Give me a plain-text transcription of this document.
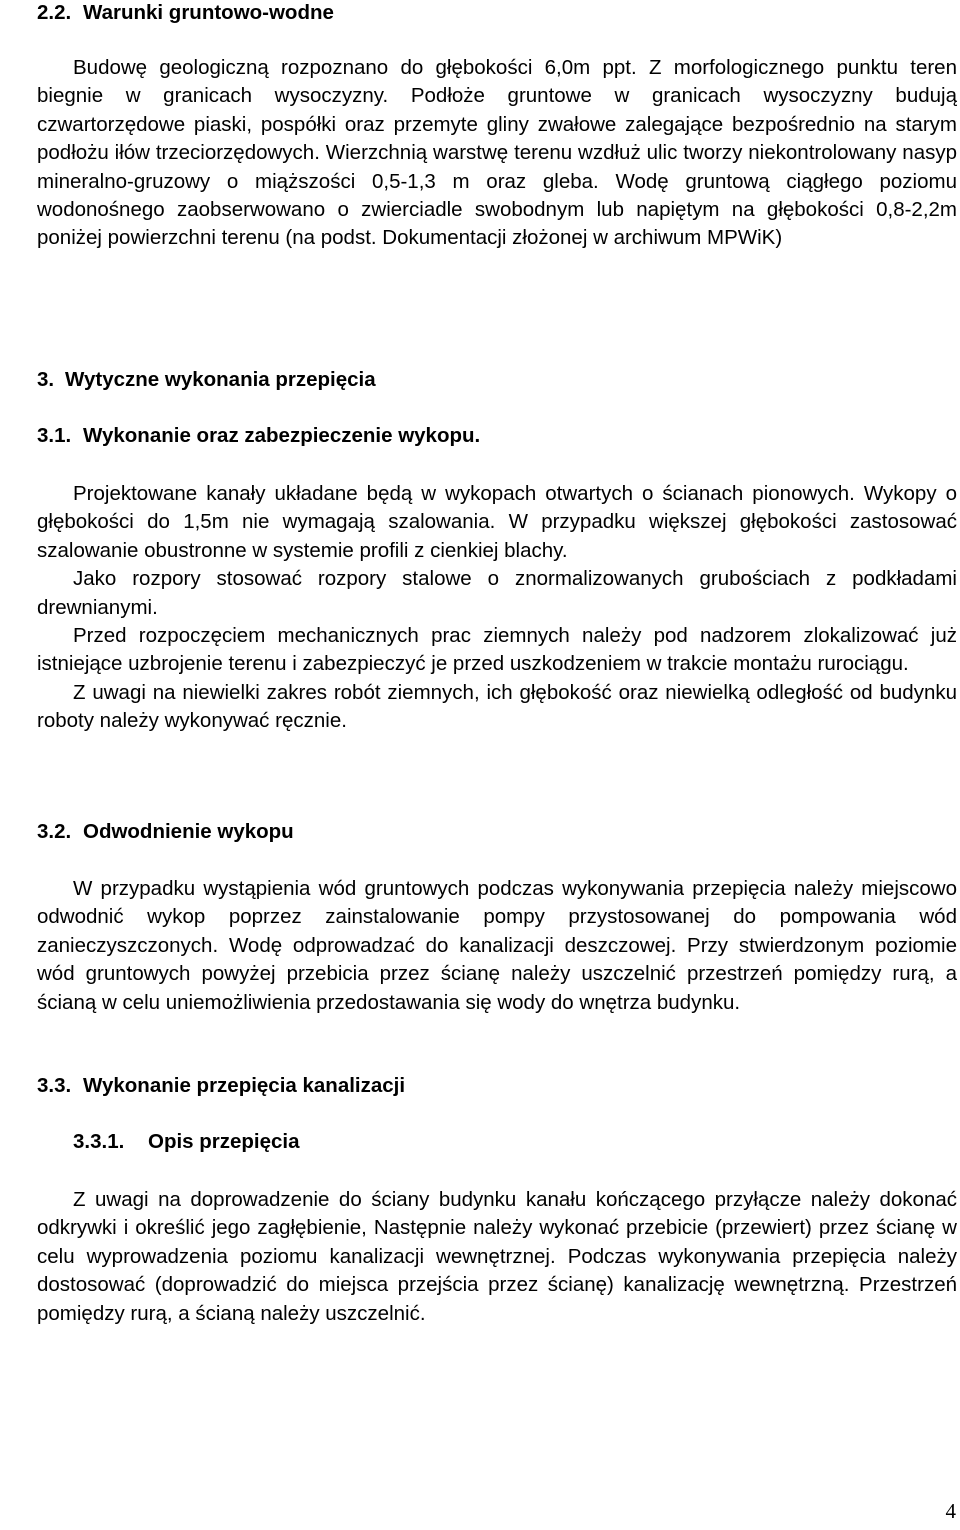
2.2. Warunki gruntowo-wodne

Budowę geologiczną rozpoznano do głębokości 6,0m ppt. Z morfologicznego punktu teren biegnie w granicach wysoczyzny. Podłoże gruntowe w granicach wysoczyzny budują czwartorzędowe piaski, pospółki oraz przemyte gliny zwałowe zalegające bezpośrednio na starym podłożu iłów trzeciorzędowych. Wierzchnią warstwę terenu wzdłuż ulic tworzy niekontrolowany nasyp mineralno-gruzowy o miąższości 0,5-1,3 m oraz gleba. Wodę gruntową ciągłego poziomu wodonośnego zaobserwowano o zwierciadle swobodnym lub napiętym na głębokości 0,8-2,2m poniżej powierzchni terenu (na podst. Dokumentacji złożonej w archiwum MPWiK)

3. Wytyczne wykonania przepięcia
3.1. Wykonanie oraz zabezpieczenie wykopu.

Projektowane kanały układane będą w wykopach otwartych o ścianach pionowych. Wykopy o głębokości do 1,5m nie wymagają szalowania. W przypadku większej głębokości zastosować szalowanie obustronne w systemie profili z cienkiej blachy.

Jako rozpory stosować rozpory stalowe o znormalizowanych grubościach z podkładami drewnianymi.

Przed rozpoczęciem mechanicznych prac ziemnych należy pod nadzorem zlokalizować już istniejące uzbrojenie terenu i zabezpieczyć je przed uszkodzeniem w trakcie montażu rurociągu.

Z uwagi na niewielki zakres robót ziemnych, ich głębokość oraz niewielką odległość od budynku roboty należy wykonywać ręcznie.

3.2. Odwodnienie wykopu

W przypadku wystąpienia wód gruntowych podczas wykonywania przepięcia należy miejscowo odwodnić wykop poprzez zainstalowanie pompy przystosowanej do pompowania wód zanieczyszczonych. Wodę odprowadzać do kanalizacji deszczowej. Przy stwierdzonym poziomie wód gruntowych powyżej przebicia przez ścianę należy uszczelnić przestrzeń pomiędzy rurą, a ścianą w celu uniemożliwienia przedostawania się wody do wnętrza budynku.

3.3. Wykonanie przepięcia kanalizacji
3.3.1. Opis przepięcia

Z uwagi na doprowadzenie do ściany budynku kanału kończącego przyłącze należy dokonać odkrywki i określić jego zagłębienie, Następnie należy wykonać przebicie (przewiert) przez ścianę w celu wyprowadzenia poziomu kanalizacji wewnętrznej. Podczas wykonywania przepięcia należy dostosować (doprowadzić do miejsca przejścia przez ścianę) kanalizację wewnętrzną. Przestrzeń pomiędzy rurą, a ścianą należy uszczelnić.

4
